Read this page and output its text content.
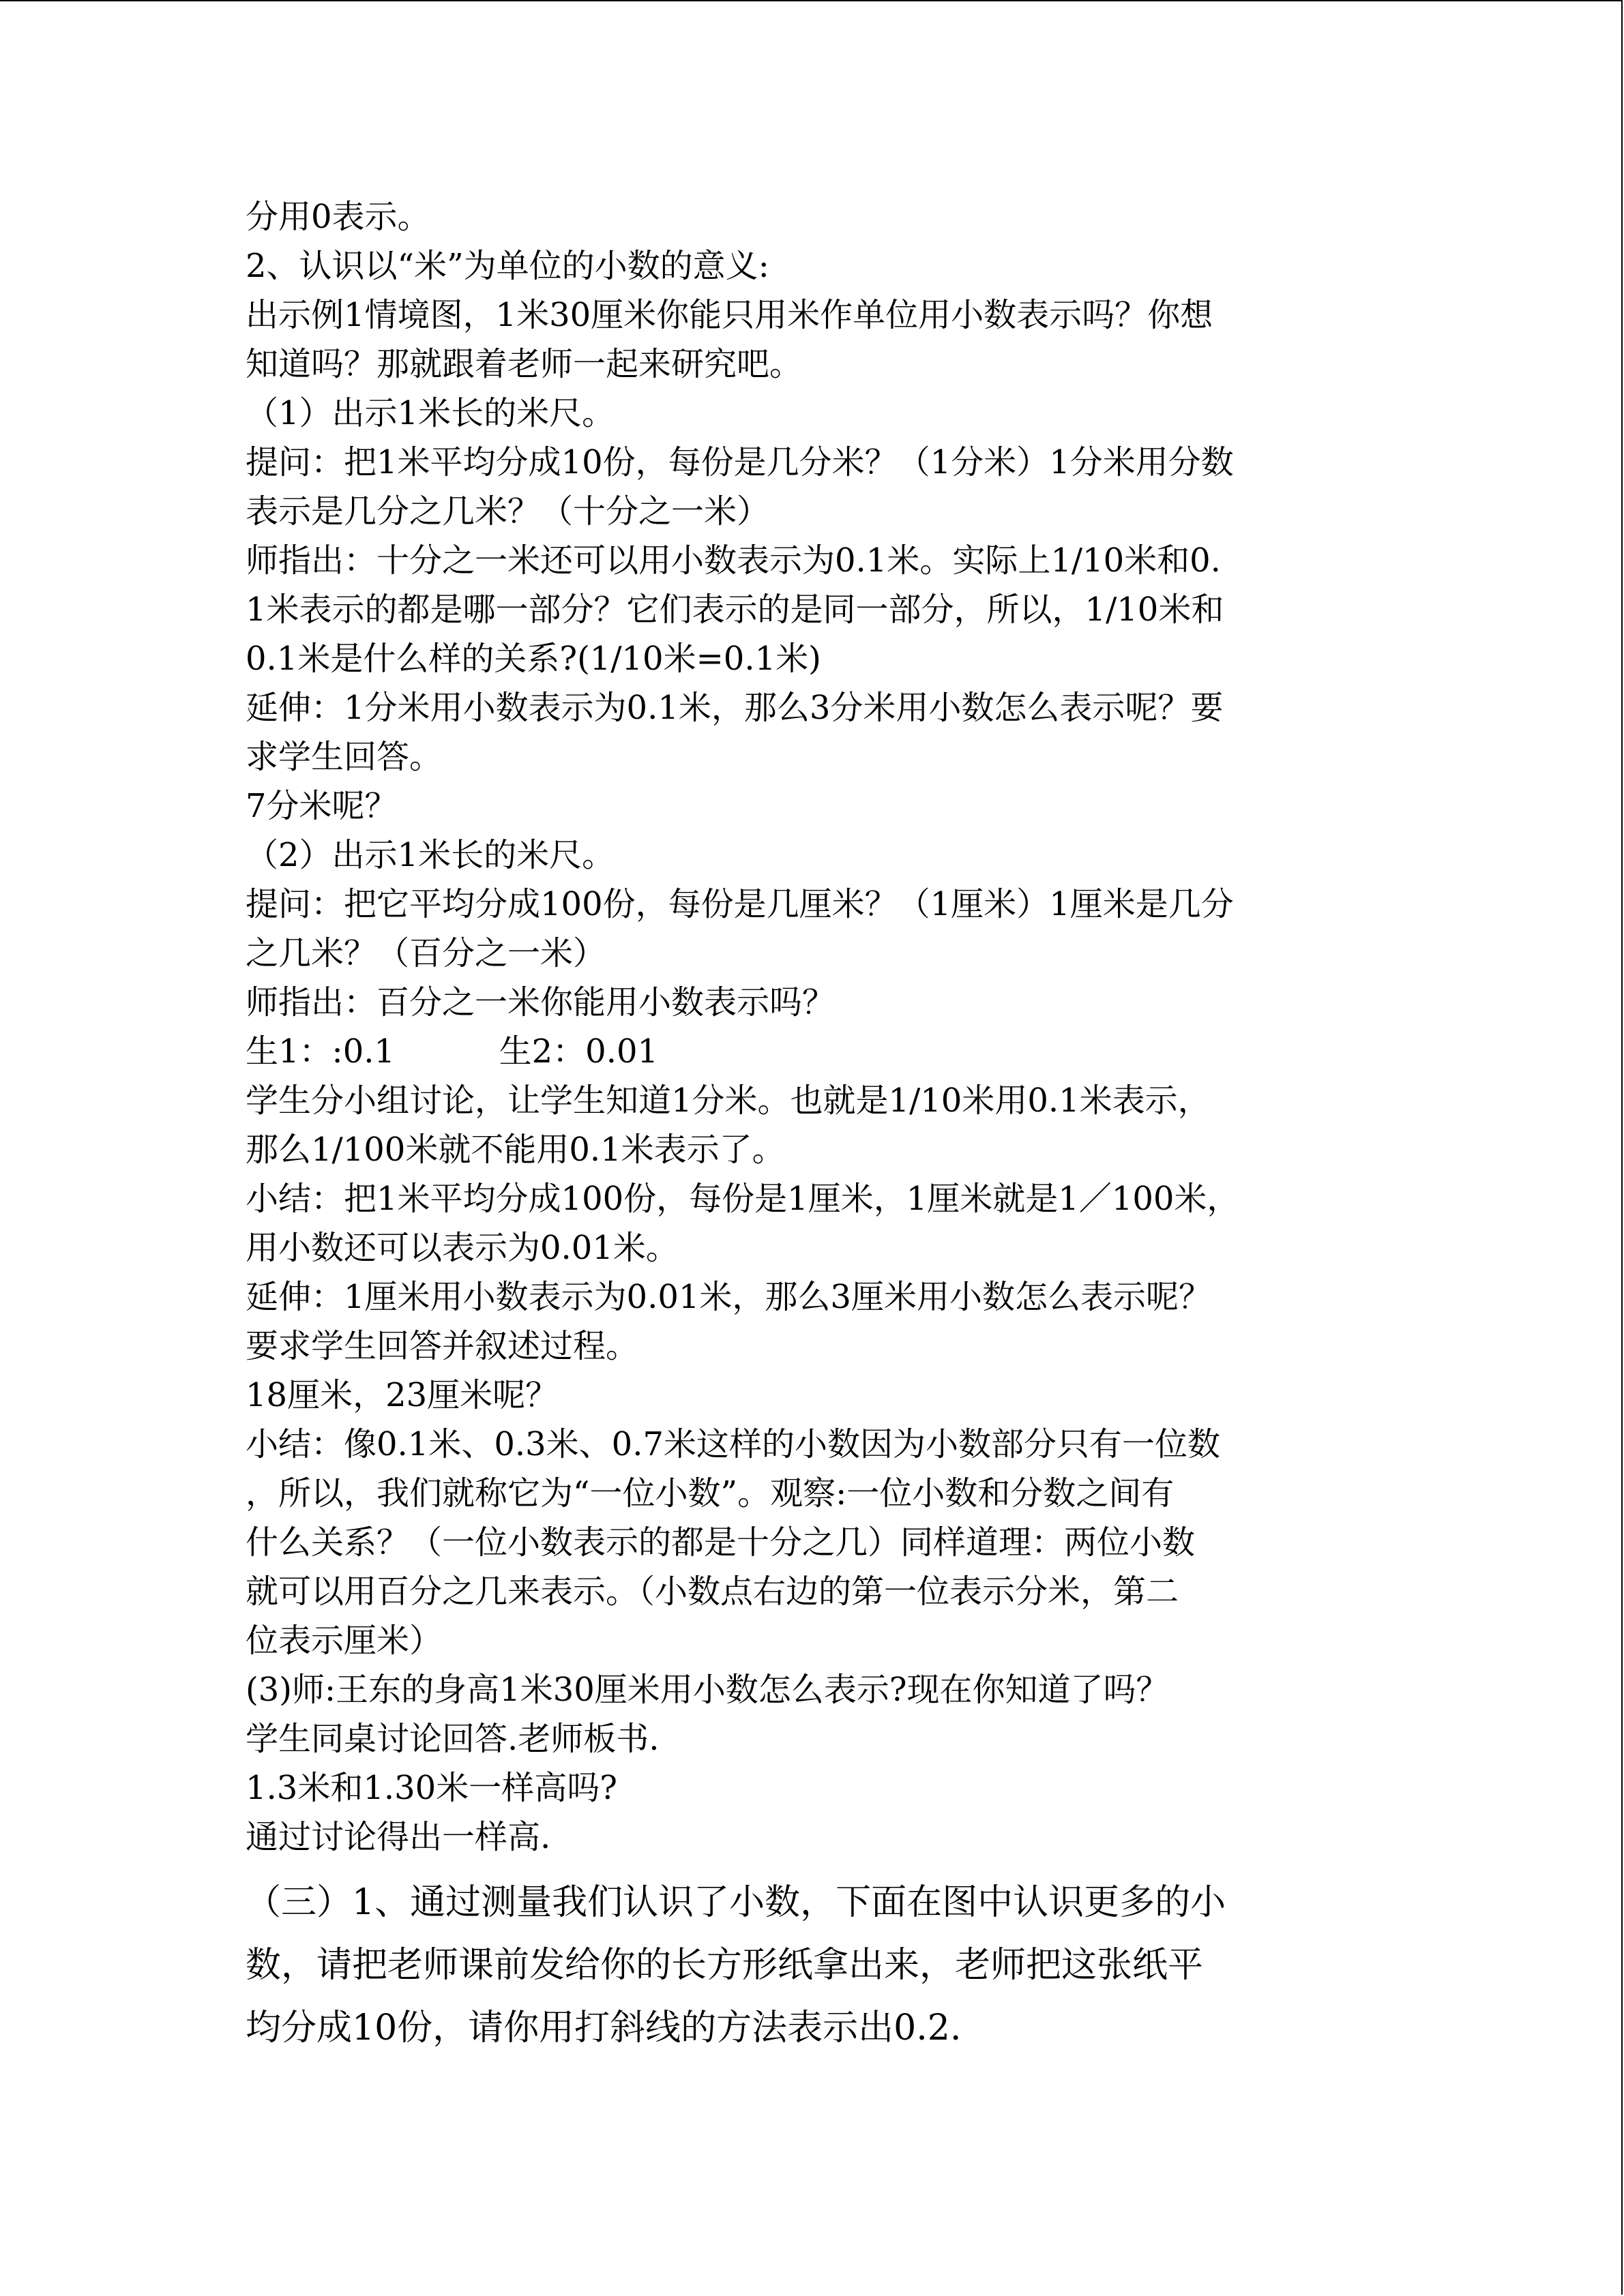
分用0表示。

2、认识以“米”为单位的小数的意义:

出示例1情境图，1米30厘米你能只用米作单位用小数表示吗？你想

知道吗？那就跟着老师一起来研究吧。

（1）出示1米长的米尺。

提问：把1米平均分成10份，每份是几分米？（1分米）1分米用分数

表示是几分之几米？（十分之一米）

师指出：十分之一米还可以用小数表示为0.1米。实际上1/10米和0.

1米表示的都是哪一部分？它们表示的是同一部分，所以，1/10米和

0.1米是什么样的关系?(1/10米=0.1米)

延伸：1分米用小数表示为0.1米，那么3分米用小数怎么表示呢？要

求学生回答。

7分米呢？

（2）出示1米长的米尺。

提问：把它平均分成100份，每份是几厘米？（1厘米）1厘米是几分

之几米？（百分之一米）

师指出：百分之一米你能用小数表示吗？

生1：:0.1          生2：0.01

学生分小组讨论，让学生知道1分米。也就是1/10米用0.1米表示，

那么1/100米就不能用0.1米表示了。

小结：把1米平均分成100份，每份是1厘米，1厘米就是1／100米，

用小数还可以表示为0.01米。

延伸：1厘米用小数表示为0.01米，那么3厘米用小数怎么表示呢？

要求学生回答并叙述过程。

18厘米，23厘米呢？

小结：像0.1米、0.3米、0.7米这样的小数因为小数部分只有一位数

，所以，我们就称它为“一位小数”。观察:一位小数和分数之间有

什么关系？（一位小数表示的都是十分之几）同样道理：两位小数

就可以用百分之几来表示。（小数点右边的第一位表示分米，第二

位表示厘米）

(3)师:王东的身高1米30厘米用小数怎么表示?现在你知道了吗？

学生同桌讨论回答.老师板书.

1.3米和1.30米一样高吗?

通过讨论得出一样高.

（三）1、通过测量我们认识了小数，下面在图中认识更多的小

数，请把老师课前发给你的长方形纸拿出来，老师把这张纸平

均分成10份，请你用打斜线的方法表示出0.2.
